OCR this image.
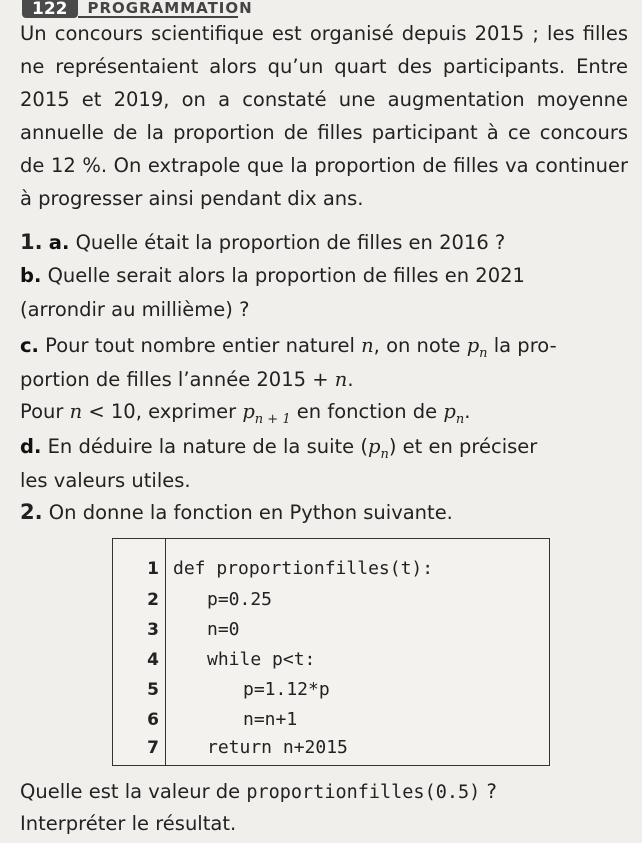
122	PROGRAMMATION

Un concours scientifique est organisé depuis 2015 ; les filles ne représentaient alors qu’un quart des participants. Entre 2015 et 2019, on a constaté une augmentation moyenne annuelle de la proportion de filles participant à ce concours de 12 %. On extrapole que la proportion de filles va continuer à progresser ainsi pendant dix ans.

1. a. Quelle était la proportion de filles en 2016 ?
b. Quelle serait alors la proportion de filles en 2021
(arrondir au millième) ?
c. Pour tout nombre entier naturel n, on note $p_n$ la pro-
portion de filles l’année 2015 + n.
Pour n < 10, exprimer $p_{n + 1}$ en fonction de $p_n$.
d. En déduire la nature de la suite $(p_n)$ et en préciser
les valeurs utiles.
2. On donne la fonction en Python suivante.
1 def proportionfilles(t):
2	p=0.25
3	n=0
4	while p<t:
5	p=1.12*p
6	n=n+1
7	return n+2015
Quelle est la valeur de proportionfilles(0.5) ?
Interpréter le résultat.
